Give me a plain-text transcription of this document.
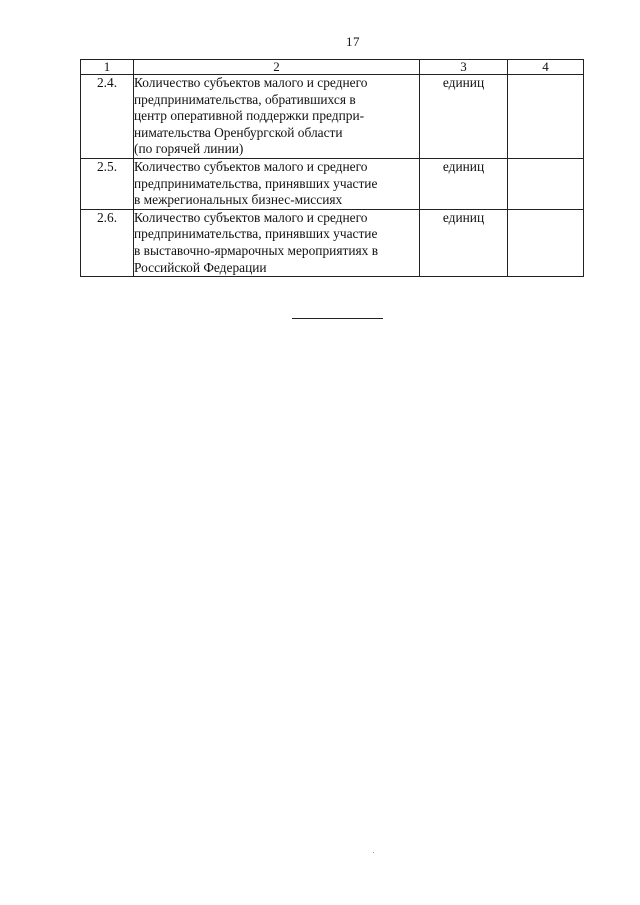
17
1	2	3	4
2.4.	Количество субъектов малого и среднего
предпринимательства, обратившихся в
центр оперативной поддержки предпри-
нимательства Оренбургской области
(по горячей линии)	единиц	
2.5.	Количество субъектов малого и среднего
предпринимательства, принявших участие
в межрегиональных бизнес-миссиях	единиц	
2.6.	Количество субъектов малого и среднего
предпринимательства, принявших участие
в выставочно-ярмарочных мероприятиях в
Российской Федерации	единиц	
